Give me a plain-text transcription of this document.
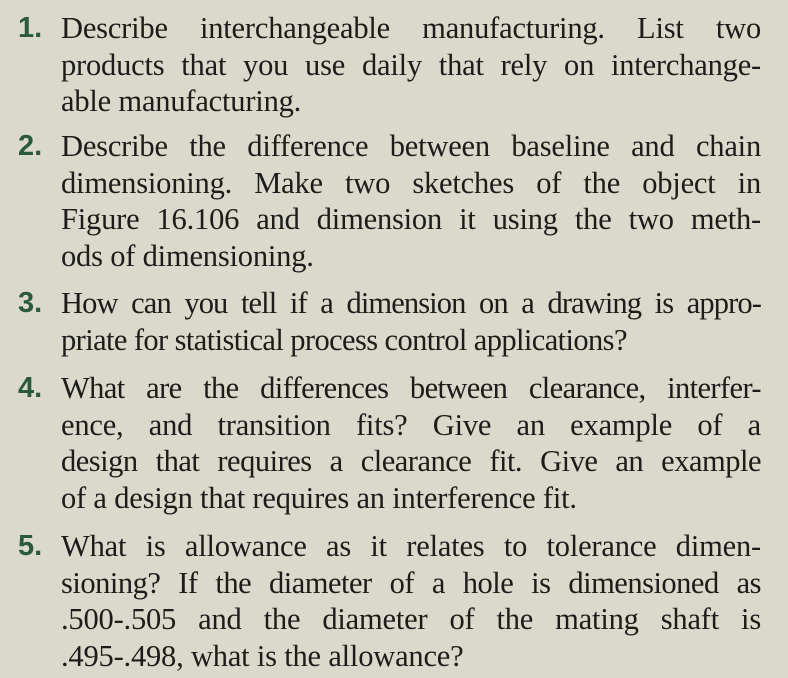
1. Describe interchangeable manufacturing. List two
products that you use daily that rely on interchange-
able manufacturing.
2. Describe the difference between baseline and chain
dimensioning. Make two sketches of the object in
Figure 16.106 and dimension it using the two meth-
ods of dimensioning.
3. How can you tell if a dimension on a drawing is appro-
priate for statistical process control applications?
4. What are the differences between clearance, interfer-
ence, and transition fits? Give an example of a
design that requires a clearance fit. Give an example
of a design that requires an interference fit.
5. What is allowance as it relates to tolerance dimen-
sioning? If the diameter of a hole is dimensioned as
.500-.505 and the diameter of the mating shaft is
.495-.498, what is the allowance?
